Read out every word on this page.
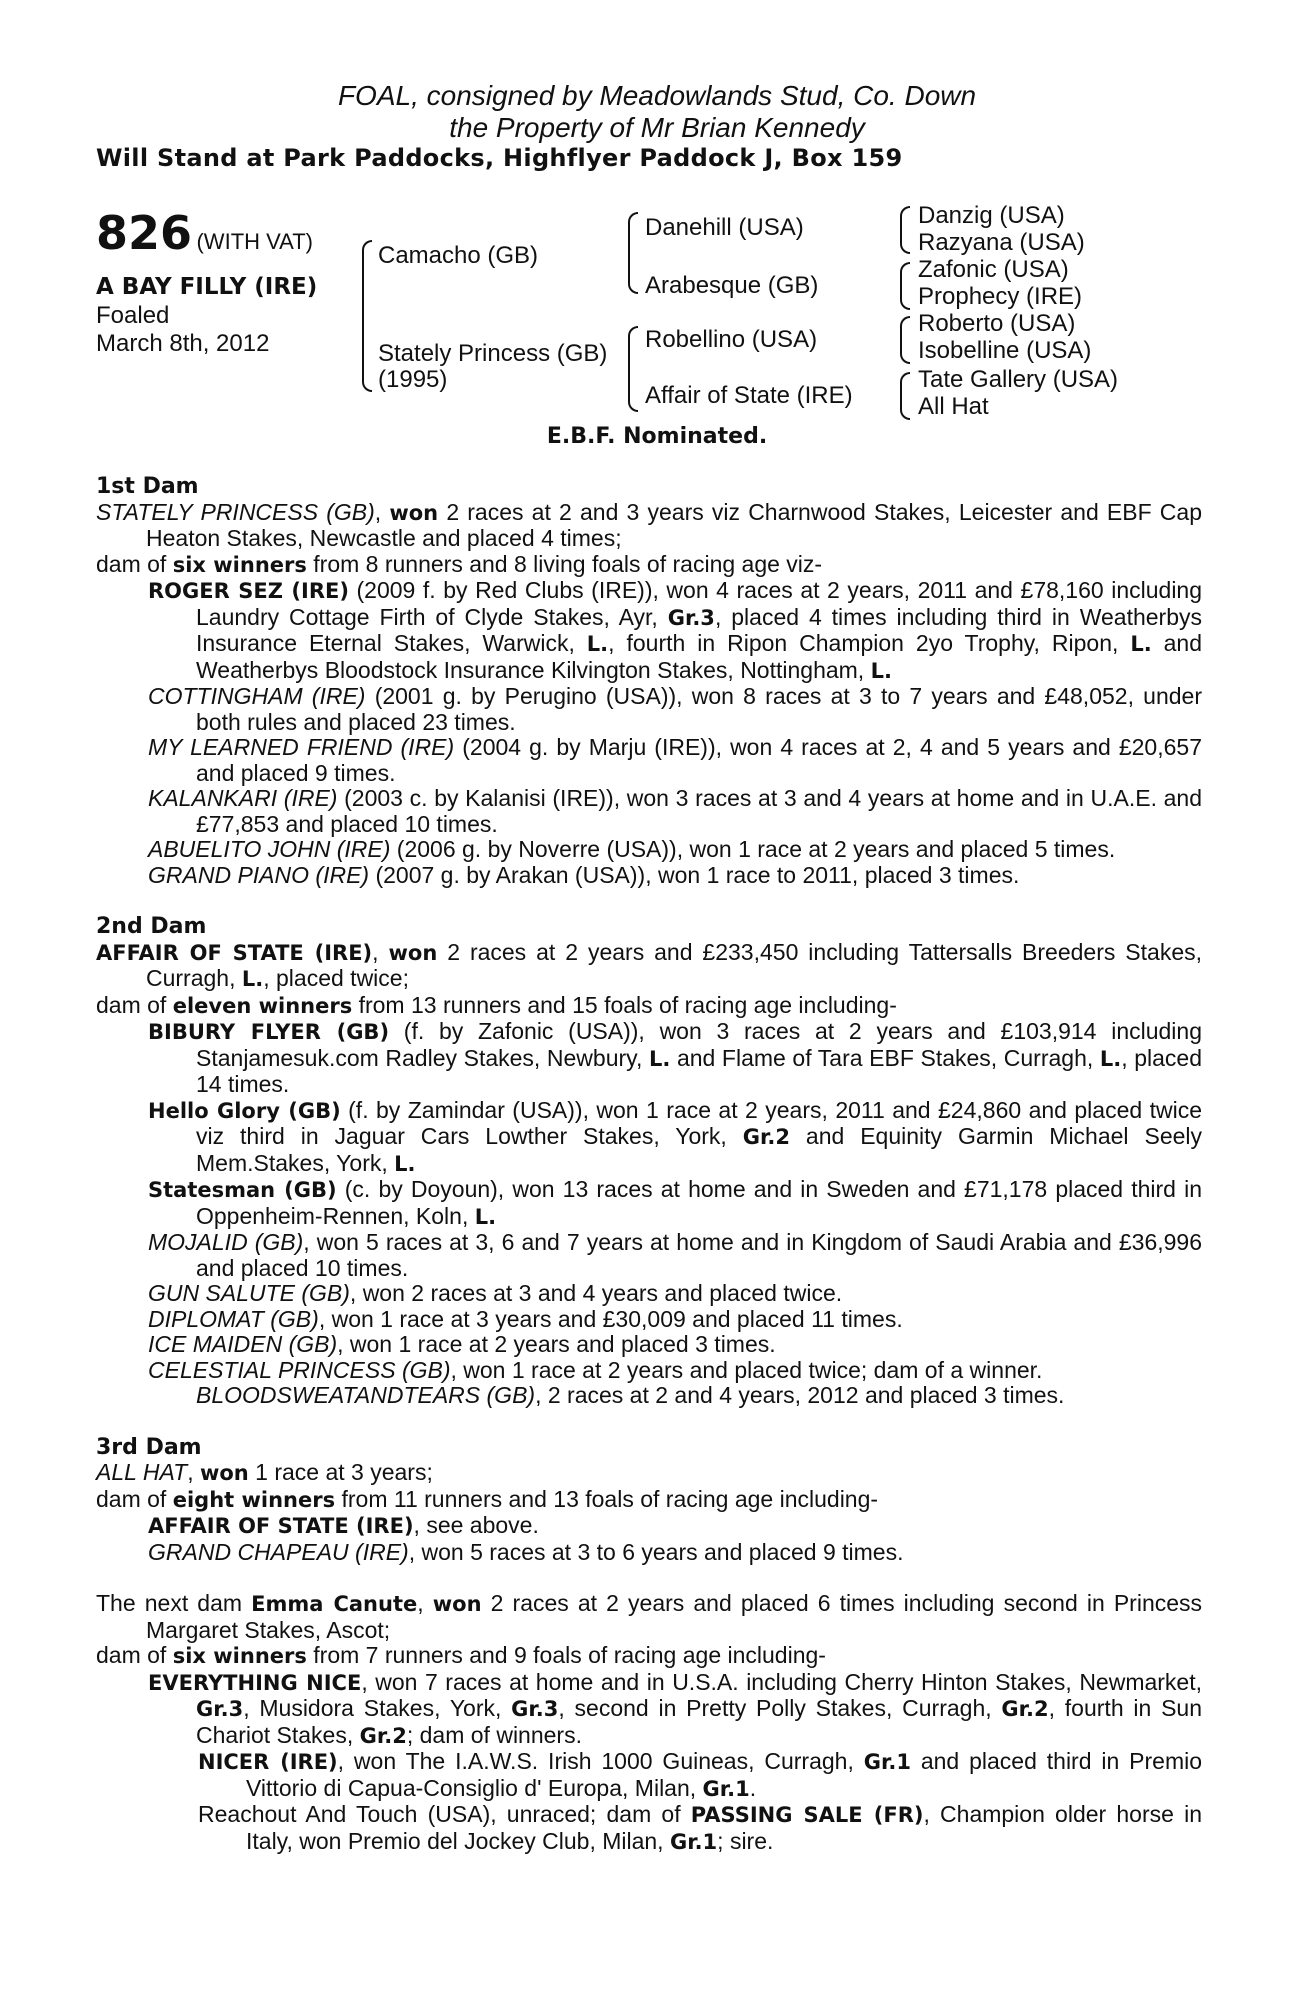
FOAL, consigned by Meadowlands Stud, Co. Down
the Property of Mr Brian Kennedy
Will Stand at Park Paddocks, Highflyer Paddock J, Box 159
826 (WITH VAT)
A BAY FILLY (IRE)
Foaled
March 8th, 2012
Camacho (GB)
Stately Princess (GB)
(1995)
Danehill (USA)
Arabesque (GB)
Robellino (USA)
Affair of State (IRE)
Danzig (USA)
Razyana (USA)
Zafonic (USA)
Prophecy (IRE)
Roberto (USA)
Isobelline (USA)
Tate Gallery (USA)
All Hat
E.B.F. Nominated.

1st Dam

STATELY PRINCESS (GB), won 2 races at 2 and 3 years viz Charnwood Stakes, Leicester and EBF Cap Heaton Stakes, Newcastle and placed 4 times;

dam of six winners from 8 runners and 8 living foals of racing age viz-

ROGER SEZ (IRE) (2009 f. by Red Clubs (IRE)), won 4 races at 2 years, 2011 and £78,160 including Laundry Cottage Firth of Clyde Stakes, Ayr, Gr.3, placed 4 times including third in Weatherbys Insurance Eternal Stakes, Warwick, L., fourth in Ripon Champion 2yo Trophy, Ripon, L. and Weatherbys Bloodstock Insurance Kilvington Stakes, Nottingham, L.

COTTINGHAM (IRE) (2001 g. by Perugino (USA)), won 8 races at 3 to 7 years and £48,052, under both rules and placed 23 times.

MY LEARNED FRIEND (IRE) (2004 g. by Marju (IRE)), won 4 races at 2, 4 and 5 years and £20,657 and placed 9 times.

KALANKARI (IRE) (2003 c. by Kalanisi (IRE)), won 3 races at 3 and 4 years at home and in U.A.E. and £77,853 and placed 10 times.

ABUELITO JOHN (IRE) (2006 g. by Noverre (USA)), won 1 race at 2 years and placed 5 times.

GRAND PIANO (IRE) (2007 g. by Arakan (USA)), won 1 race to 2011, placed 3 times.

2nd Dam

AFFAIR OF STATE (IRE), won 2 races at 2 years and £233,450 including Tattersalls Breeders Stakes, Curragh, L., placed twice;

dam of eleven winners from 13 runners and 15 foals of racing age including-

BIBURY FLYER (GB) (f. by Zafonic (USA)), won 3 races at 2 years and £103,914 including Stanjamesuk.com Radley Stakes, Newbury, L. and Flame of Tara EBF Stakes, Curragh, L., placed 14 times.

Hello Glory (GB) (f. by Zamindar (USA)), won 1 race at 2 years, 2011 and £24,860 and placed twice viz third in Jaguar Cars Lowther Stakes, York, Gr.2 and Equinity Garmin Michael Seely Mem.Stakes, York, L.

Statesman (GB) (c. by Doyoun), won 13 races at home and in Sweden and £71,178 placed third in Oppenheim-Rennen, Koln, L.

MOJALID (GB), won 5 races at 3, 6 and 7 years at home and in Kingdom of Saudi Arabia and £36,996 and placed 10 times.

GUN SALUTE (GB), won 2 races at 3 and 4 years and placed twice.

DIPLOMAT (GB), won 1 race at 3 years and £30,009 and placed 11 times.

ICE MAIDEN (GB), won 1 race at 2 years and placed 3 times.

CELESTIAL PRINCESS (GB), won 1 race at 2 years and placed twice; dam of a winner.

BLOODSWEATANDTEARS (GB), 2 races at 2 and 4 years, 2012 and placed 3 times.

3rd Dam

ALL HAT, won 1 race at 3 years;

dam of eight winners from 11 runners and 13 foals of racing age including-

AFFAIR OF STATE (IRE), see above.

GRAND CHAPEAU (IRE), won 5 races at 3 to 6 years and placed 9 times.

The next dam Emma Canute, won 2 races at 2 years and placed 6 times including second in Princess Margaret Stakes, Ascot;

dam of six winners from 7 runners and 9 foals of racing age including-

EVERYTHING NICE, won 7 races at home and in U.S.A. including Cherry Hinton Stakes, Newmarket, Gr.3, Musidora Stakes, York, Gr.3, second in Pretty Polly Stakes, Curragh, Gr.2, fourth in Sun Chariot Stakes, Gr.2; dam of winners.

NICER (IRE), won The I.A.W.S. Irish 1000 Guineas, Curragh, Gr.1 and placed third in Premio Vittorio di Capua-Consiglio d' Europa, Milan, Gr.1.

Reachout And Touch (USA), unraced; dam of PASSING SALE (FR), Champion older horse in Italy, won Premio del Jockey Club, Milan, Gr.1; sire.
